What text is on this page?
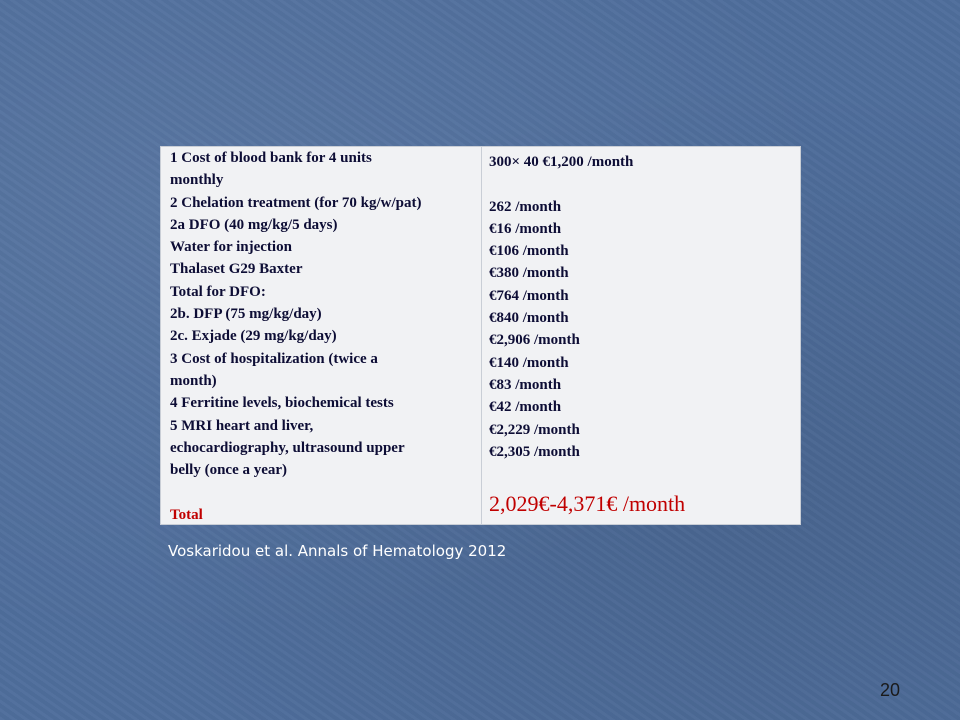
1 Cost of blood bank for 4 units
monthly
2 Chelation treatment (for 70 kg/w/pat)
2a DFO (40 mg/kg/5 days)
Water for injection
Thalaset G29 Baxter
Total for DFO:
2b. DFP (75 mg/kg/day)
2c. Exjade (29 mg/kg/day)
3 Cost of hospitalization (twice a
month)
4 Ferritine levels, biochemical tests
5 MRI heart and liver,
echocardiography, ultrasound upper
belly (once a year)
Total
300× 40 €1,200 /month
262 /month
€16 /month
€106 /month
€380 /month
€764 /month
€840 /month
€2,906 /month
€140 /month
€83 /month
€42 /month
€2,229 /month
€2,305 /month
2,029€-4,371€ /month
Voskaridou et al. Annals of Hematology 2012
20
